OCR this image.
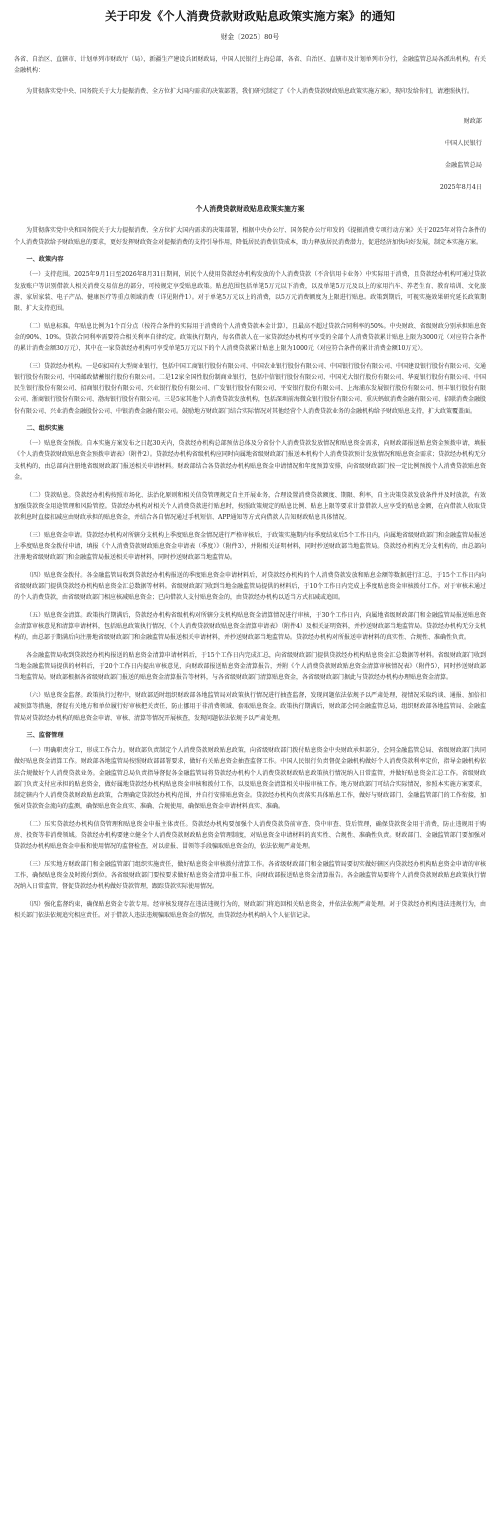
关于印发《个人消费贷款财政贴息政策实施方案》的通知
财金〔2025〕80号

各省、自治区、直辖市、计划单列市财政厅（局），新疆生产建设兵团财政局，中国人民银行上海总部，各省、自治区、直辖市及计划单列市分行，金融监管总局各派出机构，有关金融机构：

为贯彻落实党中央、国务院关于大力提振消费、全方位扩大国内需求的决策部署，我们研究制定了《个人消费贷款财政贴息政策实施方案》，现印发给你们，请遵照执行。

财政部
中国人民银行
金融监管总局
2025年8月4日
个人消费贷款财政贴息政策实施方案

为贯彻落实党中央和国务院关于大力提振消费、全方位扩大国内需求的决策部署，根据中央办公厅、国务院办公厅印发的《提振消费专项行动方案》关于2025年对符合条件的个人消费贷款给予财政贴息的要求，更好发挥财政资金对提振消费的支持引导作用，降低居民消费信贷成本，助力释放居民消费潜力，促进经济加快向好发展，制定本实施方案。

一、政策内容

（一）支持范围。2025年9月1日至2026年8月31日期间，居民个人使用贷款经办机构发放的个人消费贷款（不含信用卡业务）中实际用于消费，且贷款经办机构可通过贷款发放账户等识别借款人相关消费交易信息的部分，可按规定享受贴息政策。贴息范围包括单笔5万元以下消费，以及单笔5万元及以上的家用汽车、养老生育、教育培训、文化旅游、家居家装、电子产品、健康医疗等重点领域消费（详见附件1）。对于单笔5万元以上的消费，以5万元消费额度为上限进行贴息。政策到期后，可视实施效果研究延长政策期限、扩大支持范围。

（二）贴息标准。年贴息比例为1个百分点（按符合条件的实际用于消费的个人消费贷款本金计算），且最高不超过贷款合同利率的50%。中央财政、省级财政分别承担贴息资金的90%、10%。贷款合同利率需要符合相关利率自律约定。政策执行期内，每名借款人在一家贷款经办机构可享受的全部个人消费贷款累计贴息上限为3000元（对应符合条件的累计消费金额30万元），其中在一家贷款经办机构可享受单笔5万元以下的个人消费贷款累计贴息上限为1000元（对应符合条件的累计消费金额10万元）。

（三）贷款经办机构。一是6家国有大型商业银行，包括中国工商银行股份有限公司、中国农业银行股份有限公司、中国银行股份有限公司、中国建设银行股份有限公司、交通银行股份有限公司、中国邮政储蓄银行股份有限公司。二是12家全国性股份制商业银行，包括中信银行股份有限公司、中国光大银行股份有限公司、华夏银行股份有限公司、中国民生银行股份有限公司、招商银行股份有限公司、兴业银行股份有限公司、广发银行股份有限公司、平安银行股份有限公司、上海浦东发展银行股份有限公司、恒丰银行股份有限公司、浙商银行股份有限公司、渤海银行股份有限公司。三是5家其他个人消费贷款发放机构，包括深圳前海微众银行股份有限公司、重庆蚂蚁消费金融有限公司、招联消费金融股份有限公司、兴业消费金融股份公司、中银消费金融有限公司。鼓励地方财政部门结合实际情况对其他经营个人消费贷款业务的金融机构给予财政贴息支持，扩大政策覆盖面。

二、组织实施

（一）贴息资金预拨。自本实施方案发布之日起30天内，贷款经办机构总部预估总体及分省份个人消费贷款发放情况和贴息资金需求，向财政部报送贴息资金预拨申请，填报《个人消费贷款财政贴息资金预拨申请表》（附件2）。贷款经办机构省级机构应同时向属地省级财政部门报送本机构个人消费贷款预计发放情况和贴息资金需求；贷款经办机构无分支机构的，由总部向注册地省级财政部门报送相关申请材料。财政部结合各贷款经办机构贴息资金申请情况和年度预算安排，向省级财政部门按一定比例预拨个人消费贷款贴息资金。

（二）贷款贴息。贷款经办机构按照市场化、法治化原则和相关信贷管理规定自主开展业务，合理设置消费贷款额度、期限、利率，自主决策贷款发放条件并及时放款，有效加强贷款资金用途管理和风险管控。贷款经办机构对相关个人消费贷款进行贴息时，按照政策规定的贴息比例、贴息上限等要求计算借款人应享受的贴息金额，在向借款人收取贷款利息时直接扣减应由财政承担的贴息资金，并结合各自情况通过手机短信、APP通知等方式向借款人告知财政贴息具体情况。

（三）贴息资金申请。贷款经办机构对所辖分支机构上季度贴息资金情况进行严格审核后，于政策实施期内每季度结束后5个工作日内，向属地省级财政部门和金融监管局报送上季度贴息资金拨付申请，填报《个人消费贷款财政贴息资金申请表（季度）》（附件3），并附相关证明材料，同时抄送财政部当地监管局。贷款经办机构无分支机构的，由总部向注册地省级财政部门和金融监管局报送相关申请材料，同时抄送财政部当地监管局。

（四）贴息资金拨付。各金融监管局收到贷款经办机构报送的季度贴息资金申请材料后，对贷款经办机构的个人消费贷款发放和贴息金额等数据进行汇总，于15个工作日内向省级财政部门提供贷款经办机构贴息资金汇总数据等材料。省级财政部门收到当地金融监管局提供的材料后，于10个工作日内完成上季度贴息资金审核拨付工作。对于审核未通过的个人消费贷款，由省级财政部门相应核减贴息资金；已向借款人支付贴息资金的，由贷款经办机构以适当方式扣减或追回。

（五）贴息资金清算。政策执行期满后，贷款经办机构省级机构对所辖分支机构贴息资金清算情况进行审核，于30个工作日内，向属地省级财政部门和金融监管局报送贴息资金清算审核意见和清算申请材料，包括贴息政策执行情况、《个人消费贷款财政贴息资金清算申请表》（附件4）及相关证明资料，并抄送财政部当地监管局。贷款经办机构无分支机构的，由总部于期满后向注册地省级财政部门和金融监管局报送相关申请材料，并抄送财政部当地监管局。贷款经办机构对所报送申请材料的真实性、合规性、准确性负责。

各金融监管局收到贷款经办机构报送的贴息资金清算申请材料后，于15个工作日内完成汇总，向省级财政部门提供贷款经办机构贴息资金汇总数据等材料。省级财政部门收到当地金融监管局提供的材料后，于20个工作日内提出审核意见，向财政部报送贴息资金清算报告，并附《个人消费贷款财政贴息资金清算审核情况表》（附件5），同时抄送财政部当地监管局。财政部根据各省级财政部门报送的贴息资金清算报告等材料，与各省级财政部门清算贴息资金，各省级财政部门据此与贷款经办机构办理贴息资金清算。

（六）贴息资金监督。政策执行过程中，财政部适时组织财政部各地监管局对政策执行情况进行抽查监督，发现问题依法依规予以严肃处理，视情况采取约谈、通报、加倍扣减预算等措施，督促有关地方和单位履行好审核把关责任，防止挪用于非消费领域、套取贴息资金。政策执行期满后，财政部会同金融监管总局，组织财政部各地监管局、金融监管局对贷款经办机构的贴息资金申请、审核、清算等情况开展核查，发现问题依法依规予以严肃处理。

三、监督管理

（一）明确职责分工，形成工作合力。财政部负责制定个人消费贷款财政贴息政策，向省级财政部门拨付贴息资金中央财政承担部分，会同金融监管总局、省级财政部门共同做好贴息资金清算工作。财政部各地监管局按照财政部部署要求，做好有关贴息资金抽查监督工作。中国人民银行负责督促金融机构做好个人消费贷款利率定价，指导金融机构依法合规做好个人消费贷款业务。金融监管总局负责指导督促各金融监管局将贷款经办机构个人消费贷款财政贴息政策执行情况纳入日常监管，并做好贴息资金汇总工作。省级财政部门负责支付应承担的贴息资金，做好属地贷款经办机构贴息资金审核和拨付工作，以及贴息资金清算相关申报审核工作。地方财政部门可结合实际情况，参照本实施方案要求，制定辖内个人消费贷款财政贴息政策，合理确定贷款经办机构范围，并自行安排贴息资金。贷款经办机构负责落实具体贴息工作，做好与财政部门、金融监管部门的工作衔接，加强对贷款资金流向的监测，确保贴息资金真实、准确、合规使用，确保贴息资金申请材料真实、准确。

（二）压实贷款经办机构信贷管理和贴息资金申报主体责任。贷款经办机构要加强个人消费贷款贷前审查、贷中审查、贷后管理，确保贷款资金用于消费，防止违规用于购房、投资等非消费领域。贷款经办机构要建立健全个人消费贷款财政贴息资金管理制度，对贴息资金申请材料的真实性、合规性、准确性负责。财政部门、金融监管部门要加强对贷款经办机构贴息资金申报和使用情况的监督检查，对以虚报、冒领等手段骗取贴息资金的，依法依规严肃处理。

（三）压实地方财政部门和金融监管部门组织实施责任，做好贴息资金审核拨付清算工作。各省级财政部门和金融监管局要切实做好辖区内贷款经办机构贴息资金申请的审核工作，确保贴息资金及时拨付到位。各省级财政部门要按要求做好贴息资金清算申报工作，向财政部报送贴息资金清算报告。各金融监管局要将个人消费贷款财政贴息政策执行情况纳入日常监管，督促贷款经办机构做好贷款管理，跟踪贷款实际使用情况。

（四）强化监督约束，确保贴息资金专款专用。经审核发现存在违法违规行为的，财政部门将追回相关贴息资金，并依法依规严肃处理。对于贷款经办机构违法违规行为，由相关部门依法依规追究相应责任。对于借款人违法违规骗取贴息资金的情况，由贷款经办机构纳入个人征信记录。
